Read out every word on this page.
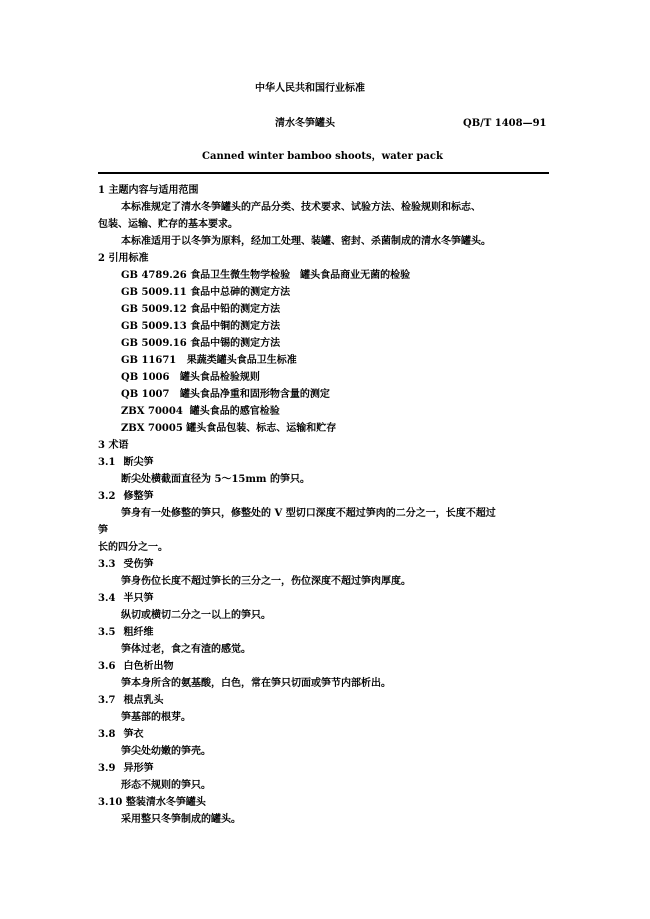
中华人民共和国行业标准
清水冬笋罐头	QB/T 1408—91
Canned winter bamboo shoots，water pack
1 主题内容与适用范围
本标准规定了清水冬笋罐头的产品分类、技术要求、试验方法、检验规则和标志、
包装、运输、贮存的基本要求。
本标准适用于以冬笋为原料，经加工处理、装罐、密封、杀菌制成的清水冬笋罐头。
2 引用标准
GB 4789.26 食品卫生微生物学检验　罐头食品商业无菌的检验
GB 5009.11 食品中总砷的测定方法
GB 5009.12 食品中铅的测定方法
GB 5009.13 食品中铜的测定方法
GB 5009.16 食品中锡的测定方法
GB 11671 果蔬类罐头食品卫生标准
QB 1006 罐头食品检验规则
QB 1007 罐头食品净重和固形物含量的测定
ZBX 70004 罐头食品的感官检验
ZBX 70005 罐头食品包装、标志、运输和贮存
3 术语
3.1 断尖笋
断尖处横截面直径为 5～15mm 的笋只。
3.2 修整笋
笋身有一处修整的笋只，修整处的 V 型切口深度不超过笋肉的二分之一，长度不超过
笋
长的四分之一。
3.3 受伤笋
笋身伤位长度不超过笋长的三分之一，伤位深度不超过笋肉厚度。
3.4 半只笋
纵切或横切二分之一以上的笋只。
3.5 粗纤维
笋体过老，食之有渣的感觉。
3.6 白色析出物
笋本身所含的氨基酸，白色，常在笋只切面或笋节内部析出。
3.7 根点乳头
笋基部的根芽。
3.8 笋衣
笋尖处幼嫩的笋壳。
3.9 异形笋
形态不规则的笋只。
3.10 整装清水冬笋罐头
采用整只冬笋制成的罐头。
